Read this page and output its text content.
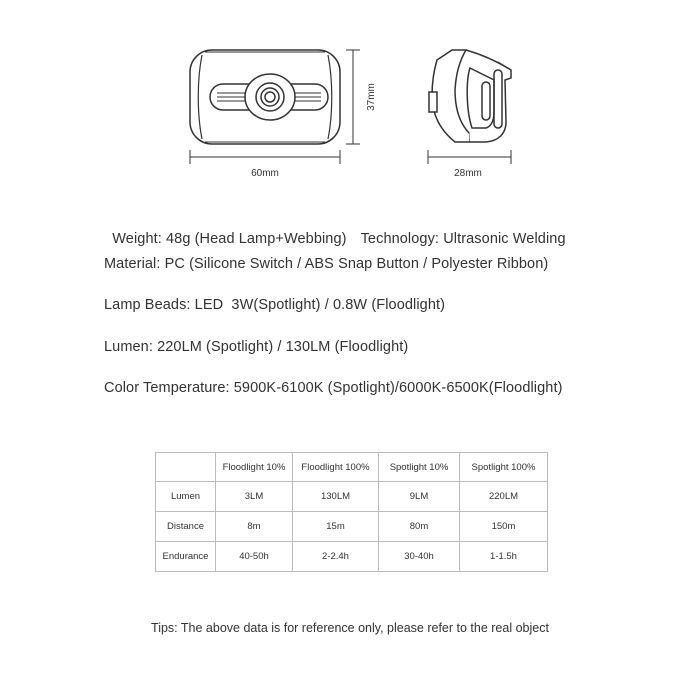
60mm
37mm
28mm

Weight: 48g (Head Lamp+Webbing) Technology: Ultrasonic Welding

Material: PC (Silicone Switch / ABS Snap Button / Polyester Ribbon)
Lamp Beads: LED  3W(Spotlight) / 0.8W (Floodlight)
Lumen: 220LM (Spotlight) / 130LM (Floodlight)
Color Temperature: 5900K-6100K (Spotlight)/6000K-6500K(Floodlight)
	Floodlight 10%	Floodlight 100%	Spotlight 10%	Spotlight 100%
Lumen	3LM	130LM	9LM	220LM
Distance	8m	15m	80m	150m
Endurance	40-50h	2-2.4h	30-40h	1-1.5h
Tips: The above data is for reference only, please refer to the real object
